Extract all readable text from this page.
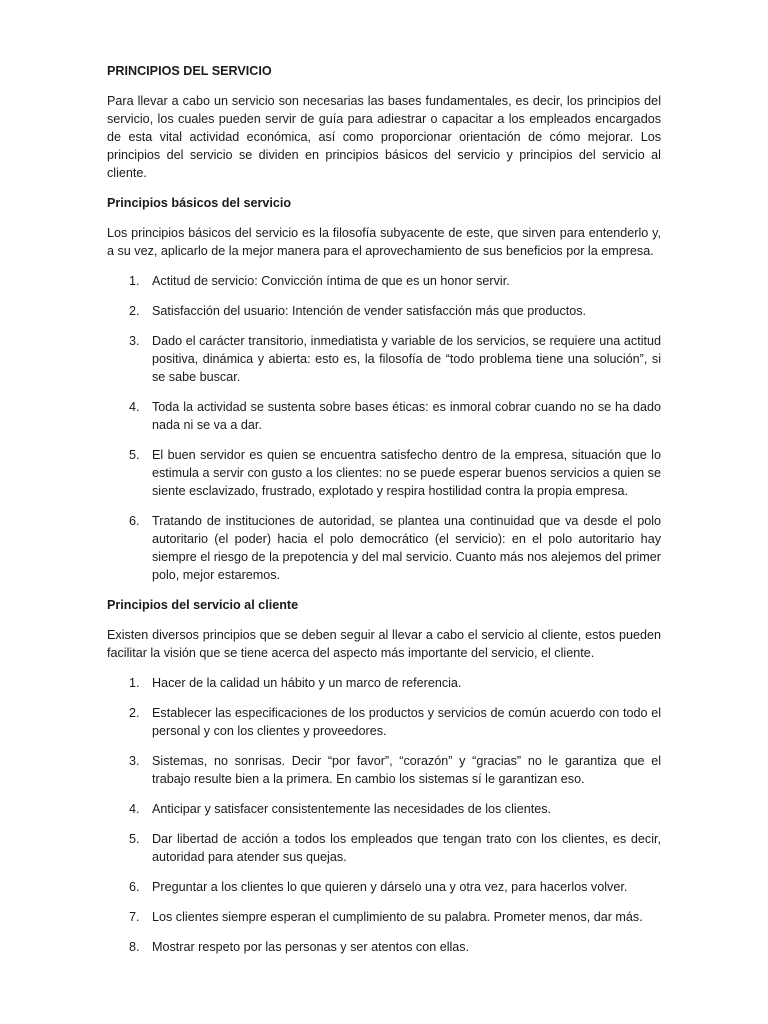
PRINCIPIOS DEL SERVICIO

Para llevar a cabo un servicio son necesarias las bases fundamentales, es decir, los principios del servicio, los cuales pueden servir de guía para adiestrar o capacitar a los empleados encargados de esta vital actividad económica, así como proporcionar orientación de cómo mejorar. Los principios del servicio se dividen en principios básicos del servicio y principios del servicio al cliente.

Principios básicos del servicio

Los principios básicos del servicio es la filosofía subyacente de este, que sirven para entenderlo y, a su vez, aplicarlo de la mejor manera para el aprovechamiento de sus beneficios por la empresa.

1. Actitud de servicio: Convicción íntima de que es un honor servir.
2. Satisfacción del usuario: Intención de vender satisfacción más que productos.
3. Dado el carácter transitorio, inmediatista y variable de los servicios, se requiere una actitud positiva, dinámica y abierta: esto es, la filosofía de “todo problema tiene una solución”, si se sabe buscar.
4. Toda la actividad se sustenta sobre bases éticas: es inmoral cobrar cuando no se ha dado nada ni se va a dar.
5. El buen servidor es quien se encuentra satisfecho dentro de la empresa, situación que lo estimula a servir con gusto a los clientes: no se puede esperar buenos servicios a quien se siente esclavizado, frustrado, explotado y respira hostilidad contra la propia empresa.
6. Tratando de instituciones de autoridad, se plantea una continuidad que va desde el polo autoritario (el poder) hacia el polo democrático (el servicio): en el polo autoritario hay siempre el riesgo de la prepotencia y del mal servicio. Cuanto más nos alejemos del primer polo, mejor estaremos.
Principios del servicio al cliente

Existen diversos principios que se deben seguir al llevar a cabo el servicio al cliente, estos pueden facilitar la visión que se tiene acerca del aspecto más importante del servicio, el cliente.

1. Hacer de la calidad un hábito y un marco de referencia.
2. Establecer las especificaciones de los productos y servicios de común acuerdo con todo el personal y con los clientes y proveedores.
3. Sistemas, no sonrisas. Decir “por favor”, “corazón” y “gracias” no le garantiza que el trabajo resulte bien a la primera. En cambio los sistemas sí le garantizan eso.
4. Anticipar y satisfacer consistentemente las necesidades de los clientes.
5. Dar libertad de acción a todos los empleados que tengan trato con los clientes, es decir, autoridad para atender sus quejas.
6. Preguntar a los clientes lo que quieren y dárselo una y otra vez, para hacerlos volver.
7. Los clientes siempre esperan el cumplimiento de su palabra. Prometer menos, dar más.
8. Mostrar respeto por las personas y ser atentos con ellas.
